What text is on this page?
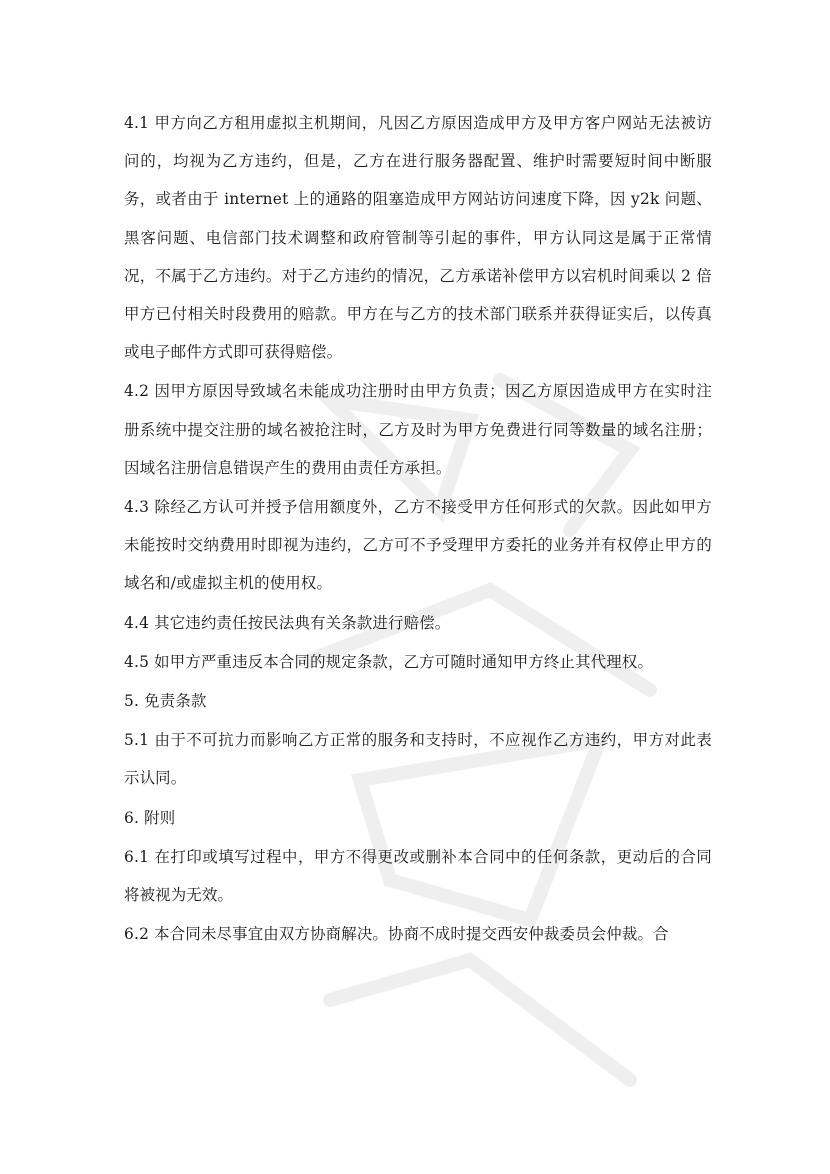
4.1 甲方向乙方租用虚拟主机期间，凡因乙方原因造成甲方及甲方客户网站无法被访问的，均视为乙方违约，但是，乙方在进行服务器配置、维护时需要短时间中断服务，或者由于 internet 上的通路的阻塞造成甲方网站访问速度下降，因 y2k 问题、黑客问题、电信部门技术调整和政府管制等引起的事件，甲方认同这是属于正常情况，不属于乙方违约。对于乙方违约的情况，乙方承诺补偿甲方以宕机时间乘以 2 倍甲方已付相关时段费用的赔款。甲方在与乙方的技术部门联系并获得证实后，以传真或电子邮件方式即可获得赔偿。

4.2 因甲方原因导致域名未能成功注册时由甲方负责；因乙方原因造成甲方在实时注册系统中提交注册的域名被抢注时，乙方及时为甲方免费进行同等数量的域名注册；因域名注册信息错误产生的费用由责任方承担。

4.3 除经乙方认可并授予信用额度外，乙方不接受甲方任何形式的欠款。因此如甲方未能按时交纳费用时即视为违约，乙方可不予受理甲方委托的业务并有权停止甲方的域名和/或虚拟主机的使用权。

4.4 其它违约责任按民法典有关条款进行赔偿。

4.5 如甲方严重违反本合同的规定条款，乙方可随时通知甲方终止其代理权。

5. 免责条款

5.1 由于不可抗力而影响乙方正常的服务和支持时，不应视作乙方违约，甲方对此表示认同。

6. 附则

6.1 在打印或填写过程中，甲方不得更改或删补本合同中的任何条款，更动后的合同将被视为无效。

6.2 本合同未尽事宜由双方协商解决。协商不成时提交西安仲裁委员会仲裁。合
